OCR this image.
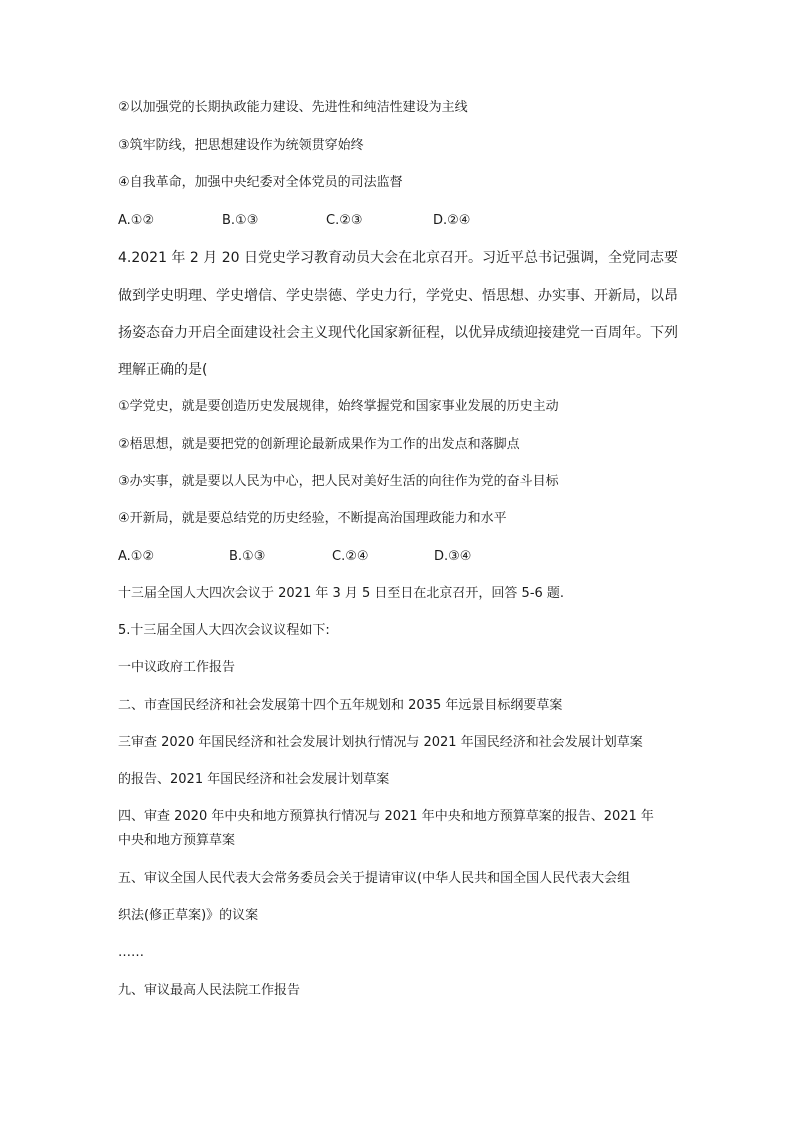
②以加强党的长期执政能力建设、先进性和纯洁性建设为主线
③筑牢防线，把思想建设作为统领贯穿始终
④自我革命，加强中央纪委对全体党员的司法监督
A.①②	B.①③	C.②③	D.②④
4.2021 年 2 月 20 日党史学习教育动员大会在北京召开。习近平总书记强调，全党同志要
做到学史明理、学史增信、学史崇德、学史力行，学党史、悟思想、办实事、开新局，以昂
扬姿态奋力开启全面建设社会主义现代化国家新征程，以优异成绩迎接建党一百周年。下列
理解正确的是(
①学党史，就是要创造历史发展规律，始终掌握党和国家事业发展的历史主动
②梧思想，就是要把党的创新理论最新成果作为工作的出发点和落脚点
③办实事，就是要以人民为中心，把人民对美好生活的向往作为党的奋斗目标
④开新局，就是要总结党的历史经验，不断提高治国理政能力和水平
A.①②	B.①③	C.②④	D.③④
十三届全国人大四次会议于 2021 年 3 月 5 日至日在北京召开，回答 5-6 题.
5.十三届全国人大四次会议议程如下:
一中议政府工作报告
二、市查国民经济和社会发展第十四个五年规划和 2035 年远景目标纲要草案
三审查 2020 年国民经济和社会发展计划执行情况与 2021 年国民经济和社会发展计划草案
的报告、2021 年国民经济和社会发展计划草案
四、审查 2020 年中央和地方预算执行情况与 2021 年中央和地方预算草案的报告、2021 年
中央和地方预算草案
五、审议全国人民代表大会常务委员会关于提请审议(中华人民共和国全国人民代表大会组
织法(修正草案)》的议案
……
九、审议最高人民法院工作报告
